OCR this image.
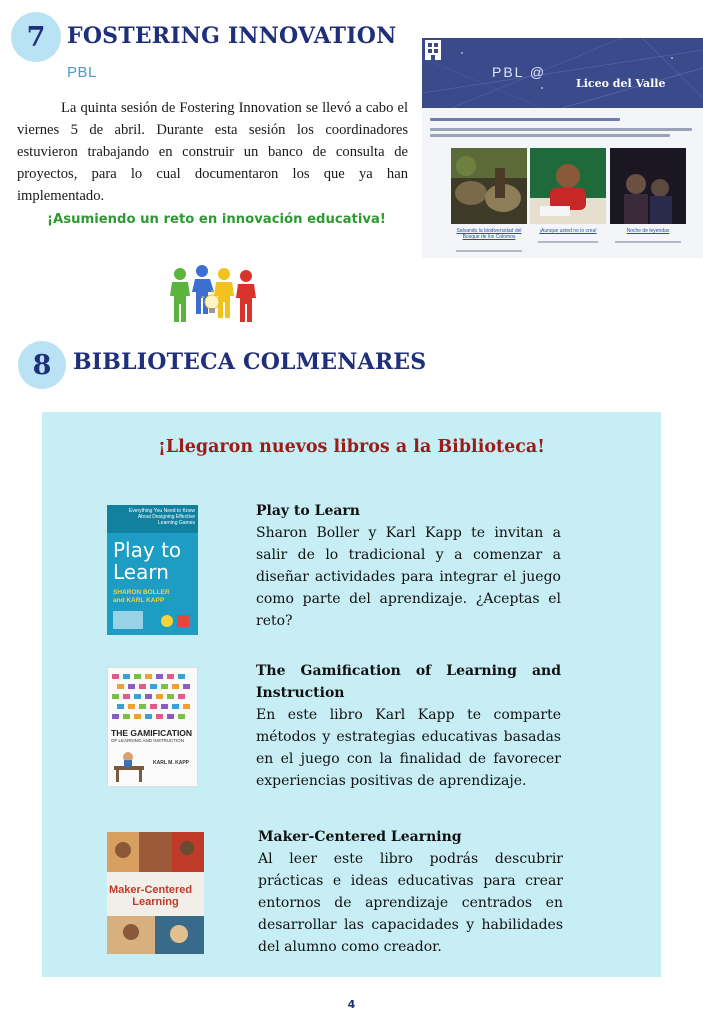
7 FOSTERING INNOVATION
PBL

La quinta sesión de Fostering Innovation se llevó a cabo el viernes 5 de abril. Durante esta sesión los coordinadores estuvieron trabajando en construir un banco de consulta de proyectos, para lo cual documentaron los que ya han implementado.

¡Asumiendo un reto en innovación educativa!
PBL @
Liceo del Valle
Salvando la biodiversidad del Bosque de los Colomos
¡Aunque usted no lo crea!	Noche de leyendas
8 BIBLIOTECA COLMENARES
¡Llegaron nuevos libros a la Biblioteca!
Everything You Need to Know About Designing Effective Learning Games
Play to
Learn
SHARON BOLLER
and KARL KAPP
Play to Learn

Sharon Boller y Karl Kapp te invitan a salir de lo tradicional y a comenzar a diseñar actividades para integrar el juego como parte del aprendizaje. ¿Aceptas el reto?

THE GAMIFICATION
OF LEARNING AND INSTRUCTION
KARL M. KAPP
The Gamification of Learning and Instruction

En este libro Karl Kapp te comparte métodos y estrategias educativas basadas en el juego con la finalidad de favorecer experiencias positivas de aprendizaje.

Maker-Centered
Learning
Maker-Centered Learning

Al leer este libro podrás descubrir prácticas e ideas educativas para crear entornos de aprendizaje centrados en desarrollar las capacidades y habilidades del alumno como creador.

4
